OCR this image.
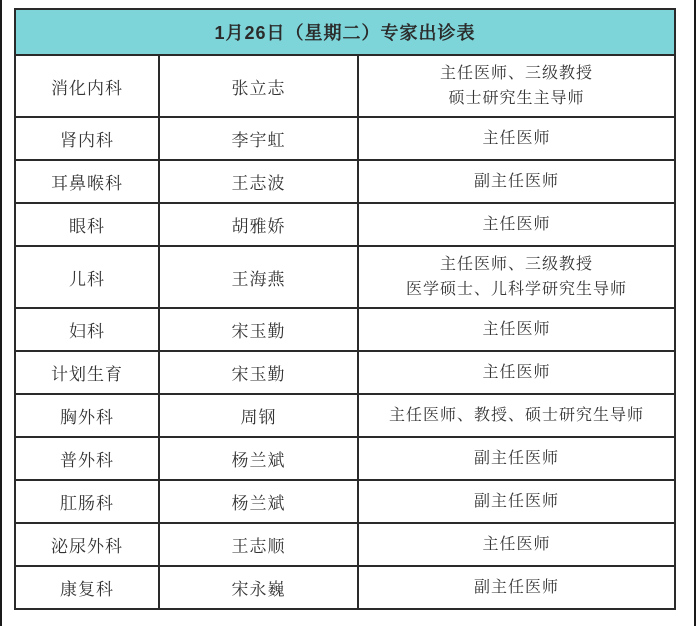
1月26日（星期二）专家出诊表		
消化内科	张立志	主任医师、三级教授
硕士研究生主导师

肾内科	李宇虹	主任医师

耳鼻喉科	王志波	副主任医师

眼科	胡雅娇	主任医师

儿科	王海燕	主任医师、三级教授
医学硕士、儿科学研究生导师

妇科	宋玉勤	主任医师

计划生育	宋玉勤	主任医师

胸外科	周钢	主任医师、教授、硕士研究生导师

普外科	杨兰斌	副主任医师

肛肠科	杨兰斌	副主任医师

泌尿外科	王志顺	主任医师

康复科	宋永巍	副主任医师
